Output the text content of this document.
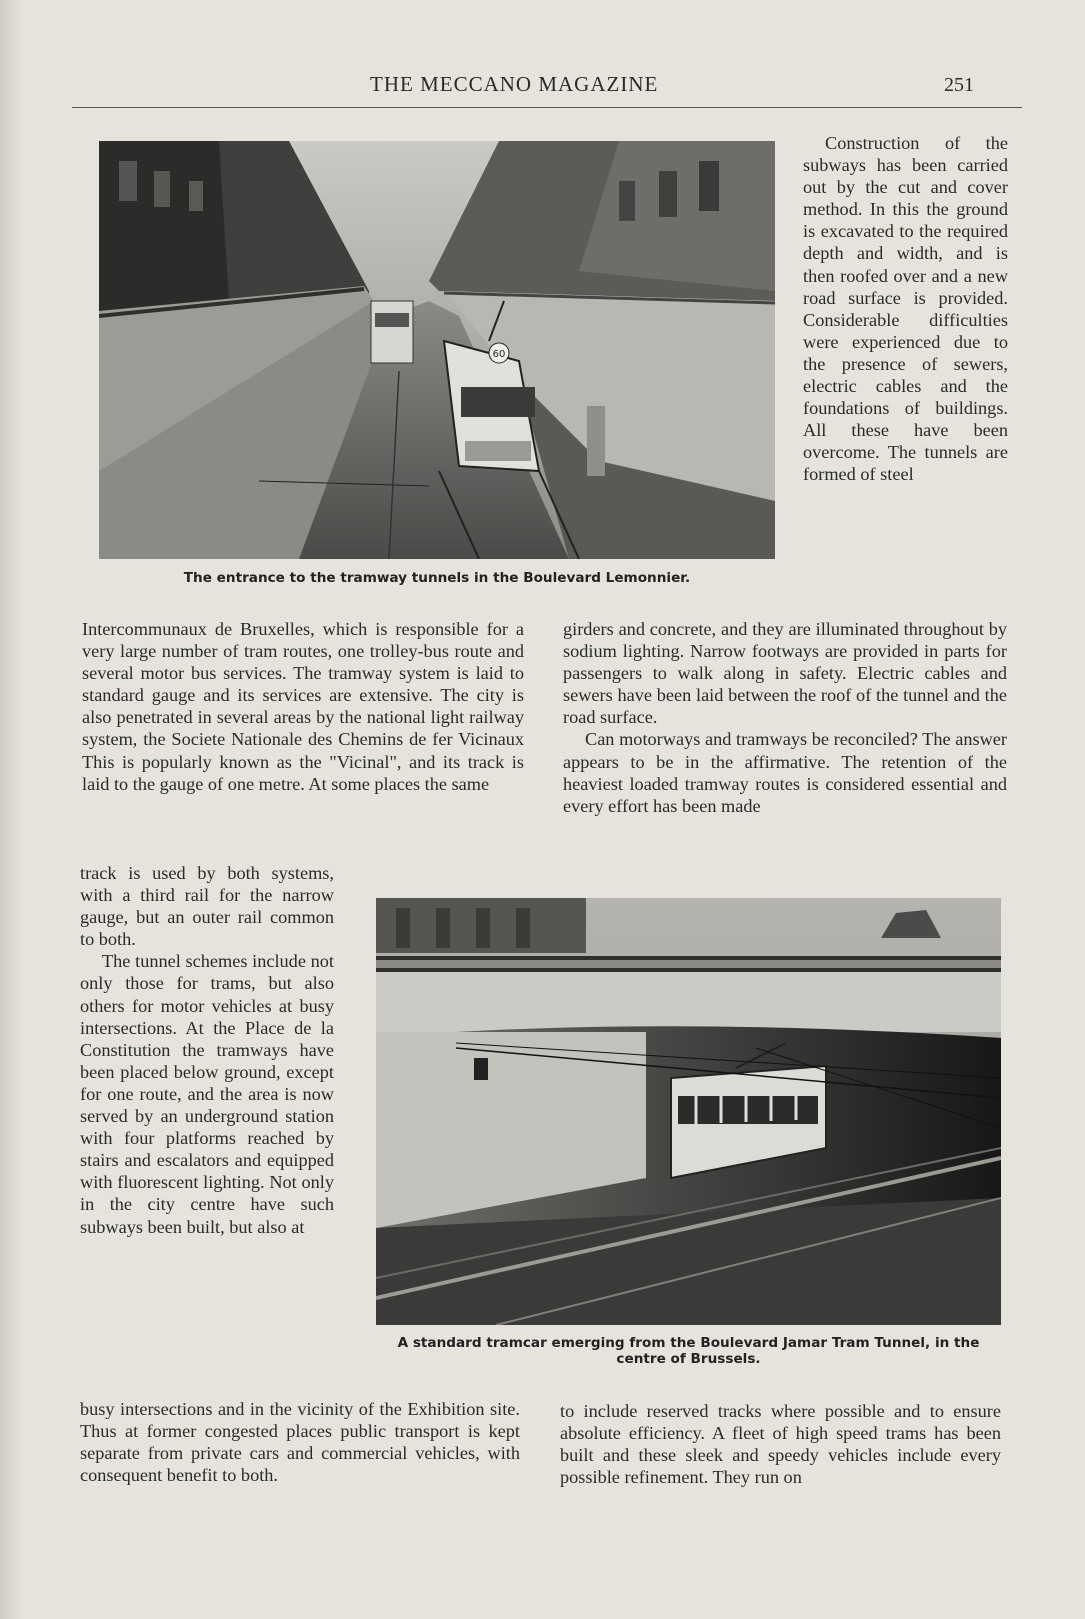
THE MECCANO MAGAZINE	251
60
The entrance to the tramway tunnels in the Boulevard Lemonnier.

Construction of the subways has been carried out by the cut and cover method. In this the ground is excavated to the required depth and width, and is then roofed over and a new road surface is provided. Considerable difficulties were experienced due to the presence of sewers, electric cables and the foundations of buildings. All these have been overcome. The tunnels are formed of steel

Intercommunaux de Bruxelles, which is responsible for a very large number of tram routes, one trolley-bus route and several motor bus services. The tramway system is laid to standard gauge and its services are extensive. The city is also penetrated in several areas by the national light railway system, the Societe Nationale des Chemins de fer Vicinaux This is popularly known as the "Vicinal", and its track is laid to the gauge of one metre. At some places the same

girders and concrete, and they are illuminated throughout by sodium lighting. Narrow footways are provided in parts for passengers to walk along in safety. Electric cables and sewers have been laid between the roof of the tunnel and the road surface.

Can motorways and tramways be reconciled? The answer appears to be in the affirmative. The retention of the heaviest loaded tramway routes is considered essential and every effort has been made

track is used by both systems, with a third rail for the narrow gauge, but an outer rail common to both.

The tunnel schemes include not only those for trams, but also others for motor vehicles at busy intersections. At the Place de la Constitution the tramways have been placed below ground, except for one route, and the area is now served by an underground station with four platforms reached by stairs and escalators and equipped with fluorescent lighting. Not only in the city centre have such subways been built, but also at

A standard tramcar emerging from the Boulevard Jamar Tram Tunnel, in the centre of Brussels.

busy intersections and in the vicinity of the Exhibition site. Thus at former congested places public transport is kept separate from private cars and commercial vehicles, with consequent benefit to both.

to include reserved tracks where possible and to ensure absolute efficiency. A fleet of high speed trams has been built and these sleek and speedy vehicles include every possible refinement. They run on
